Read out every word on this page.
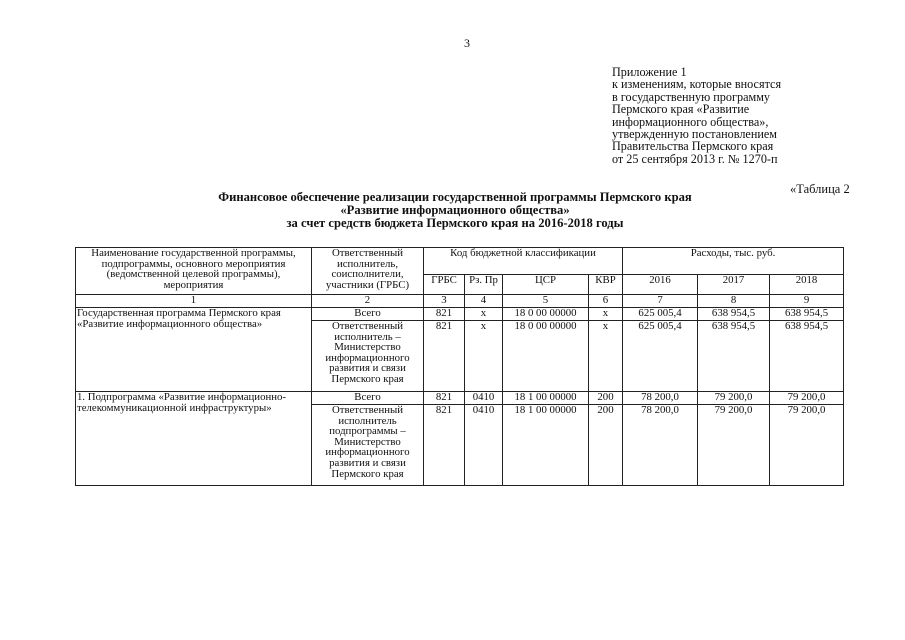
3
Приложение 1
к изменениям, которые вносятся
в государственную программу
Пермского края «Развитие
информационного общества»,
утвержденную постановлением
Правительства Пермского края
от 25 сентября 2013 г. № 1270-п
«Таблица 2
Финансовое обеспечение реализации государственной программы Пермского края
«Развитие информационного общества»
за счет средств бюджета Пермского края на 2016-2018 годы
Наименование государственной программы, подпрограммы, основного мероприятия (ведомственной целевой программы), мероприятия	Ответственный исполнитель, соисполнители, участники (ГРБС)	Код бюджетной классификации				Расходы, тыс. руб.		
		ГРБС	Рз. Пр	ЦСР	КВР	2016	2017	2018
1	2	3	4	5	6	7	8	9
Государственная программа Пермского края «Развитие информационного общества»	Всего	821	х	18 0 00 00000	х	625 005,4	638 954,5	638 954,5
	Ответственный исполнитель – Министерство информационного развития и связи Пермского края	821	х	18 0 00 00000	х	625 005,4	638 954,5	638 954,5
1. Подпрограмма «Развитие информационно-телекоммуникационной инфраструктуры»	Всего	821	0410	18 1 00 00000	200	78 200,0	79 200,0	79 200,0
	Ответственный исполнитель подпрограммы – Министерство информационного развития и связи Пермского края	821	0410	18 1 00 00000	200	78 200,0	79 200,0	79 200,0
